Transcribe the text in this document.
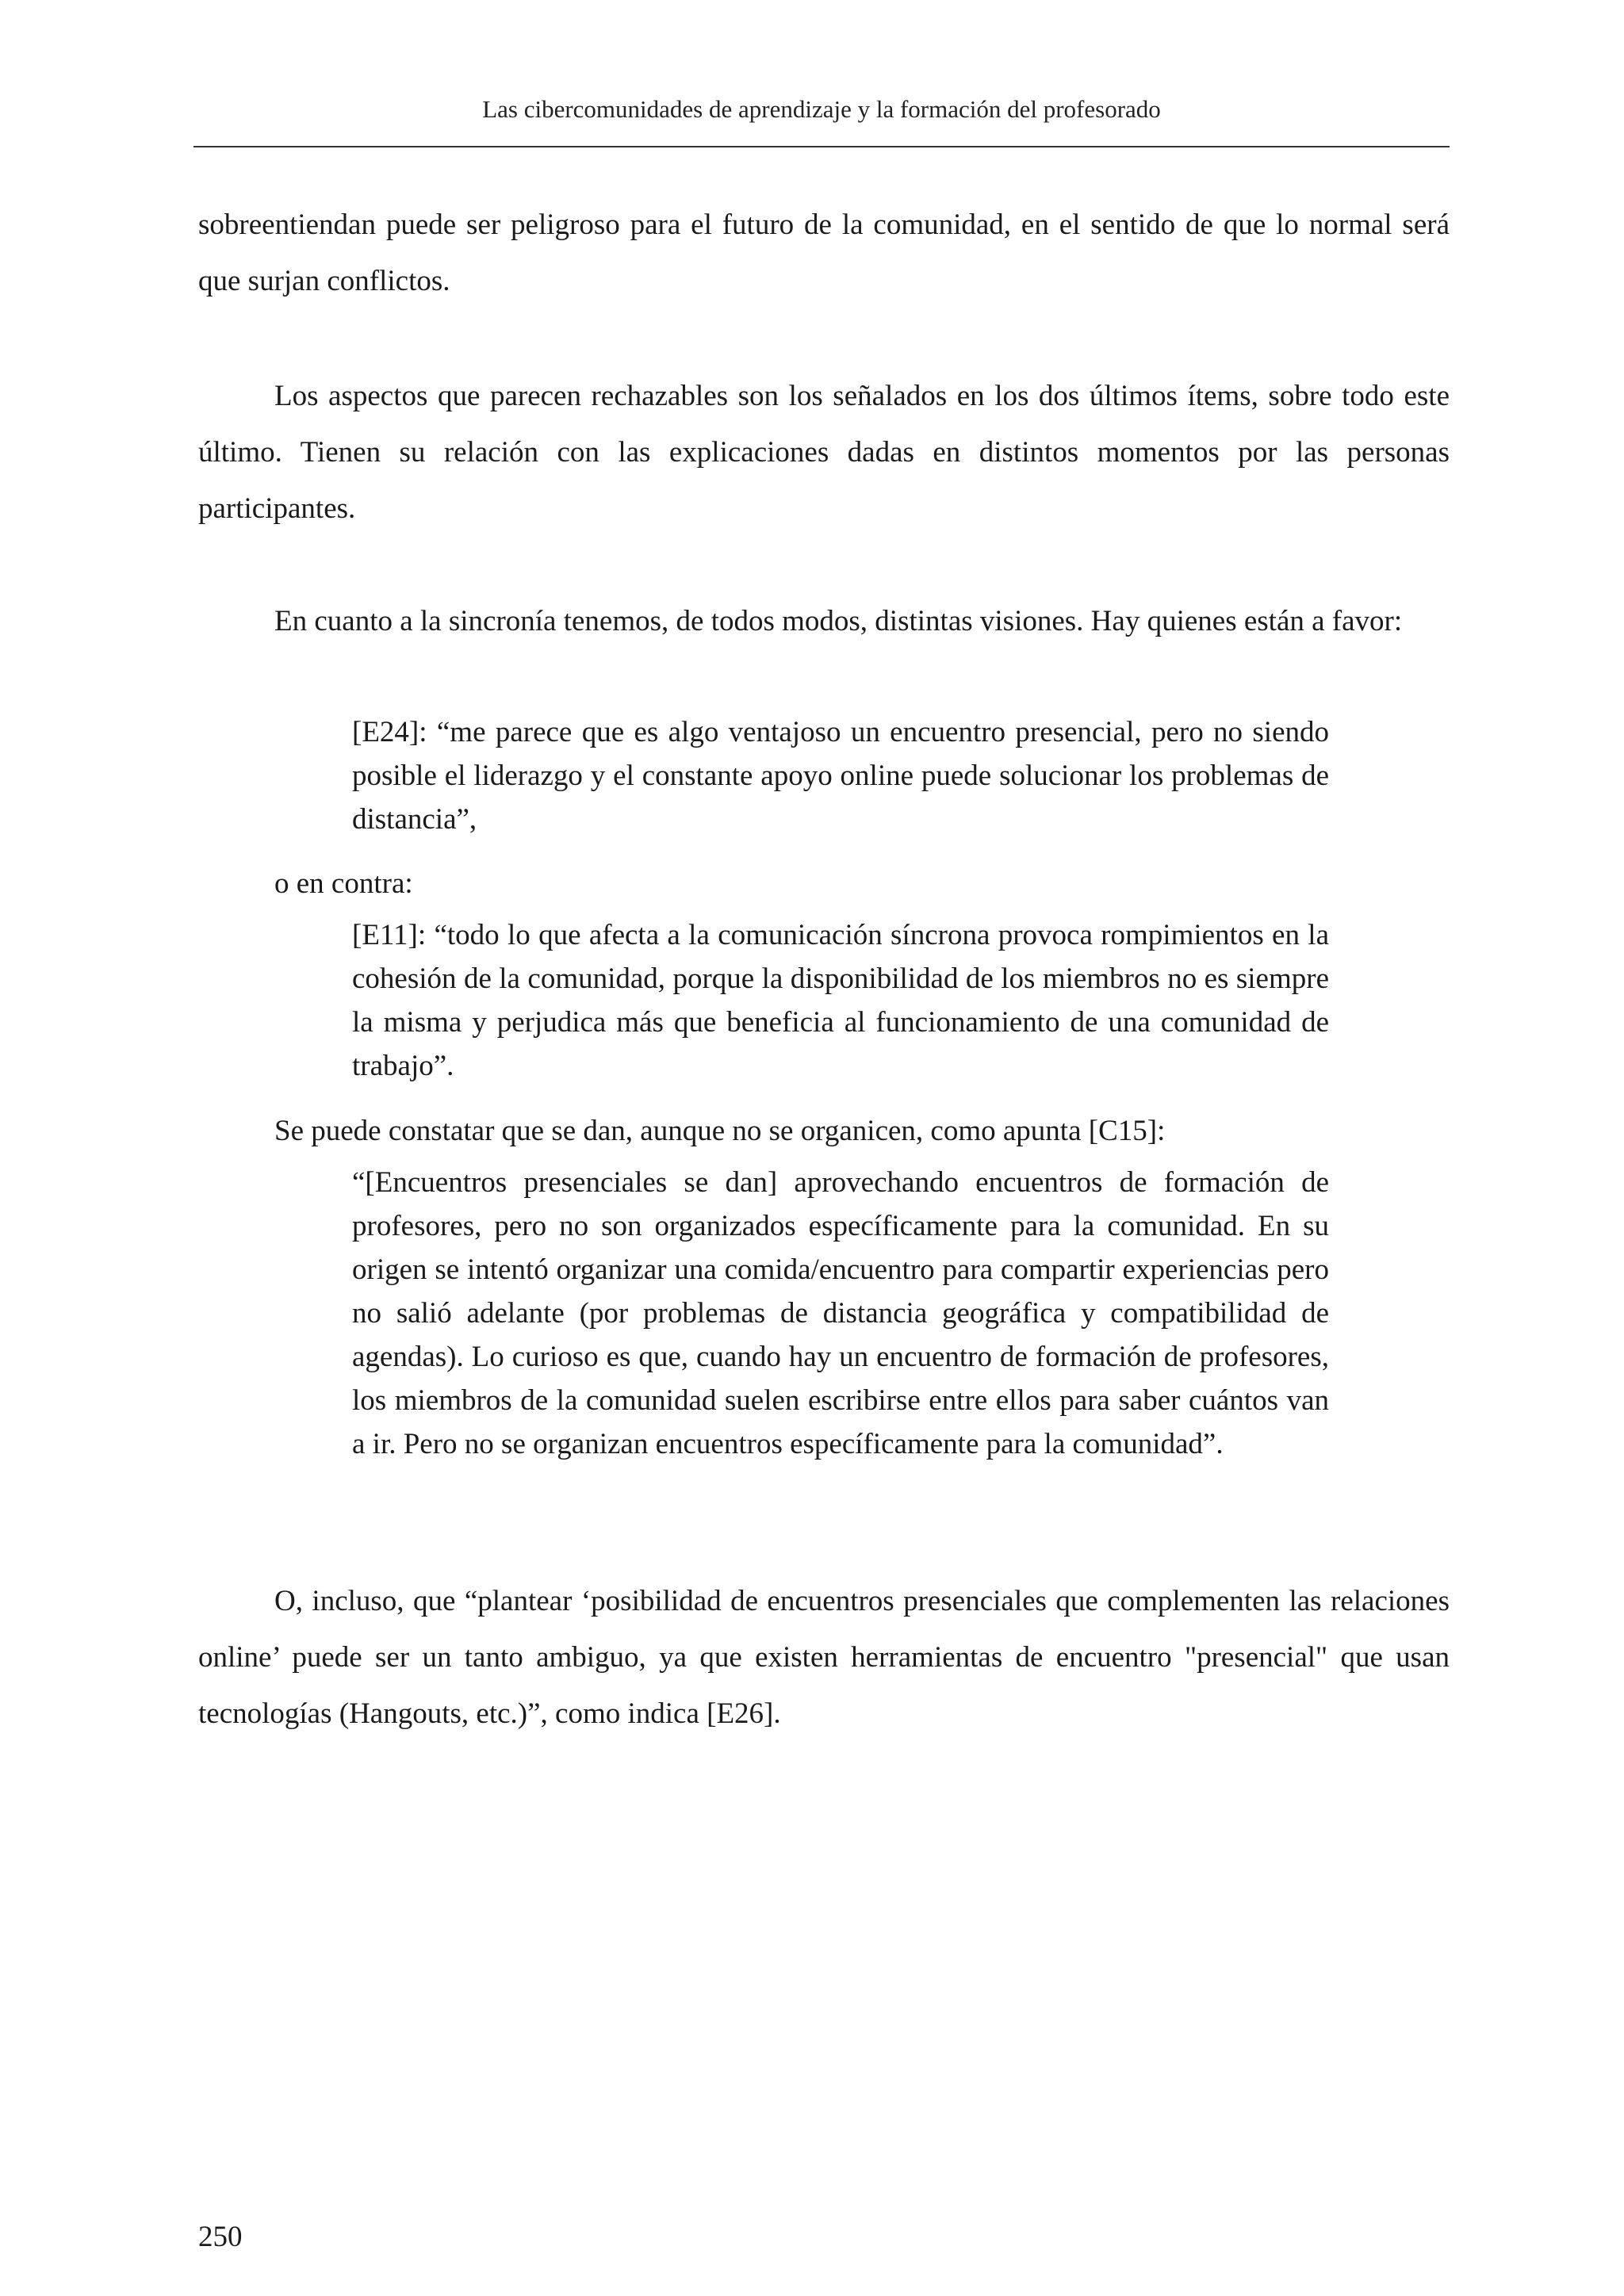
Las cibercomunidades de aprendizaje y la formación del profesorado

sobreentiendan puede ser peligroso para el futuro de la comunidad, en el sentido de que lo normal será que surjan conflictos.

Los aspectos que parecen rechazables son los señalados en los dos últimos ítems, sobre todo este último. Tienen su relación con las explicaciones dadas en distintos momentos por las personas participantes.

En cuanto a la sincronía tenemos, de todos modos, distintas visiones. Hay quienes están a favor:

[E24]: “me parece que es algo ventajoso un encuentro presencial, pero no siendo posible el liderazgo y el constante apoyo online puede solucionar los problemas de distancia”,

o en contra:

[E11]: “todo lo que afecta a la comunicación síncrona provoca rompimientos en la cohesión de la comunidad, porque la disponibilidad de los miembros no es siempre la misma y perjudica más que beneficia al funcionamiento de una comunidad de trabajo”.

Se puede constatar que se dan, aunque no se organicen, como apunta [C15]:

“[Encuentros presenciales se dan] aprovechando encuentros de formación de profesores, pero no son organizados específicamente para la comunidad. En su origen se intentó organizar una comida/encuentro para compartir experiencias pero no salió adelante (por problemas de distancia geográfica y compatibilidad de agendas). Lo curioso es que, cuando hay un encuentro de formación de profesores, los miembros de la comunidad suelen escribirse entre ellos para saber cuántos van a ir. Pero no se organizan encuentros específicamente para la comunidad”.

O, incluso, que “plantear ‘posibilidad de encuentros presenciales que complementen las relaciones online’ puede ser un tanto ambiguo, ya que existen herramientas de encuentro "presencial" que usan tecnologías (Hangouts, etc.)”, como indica [E26].

250
